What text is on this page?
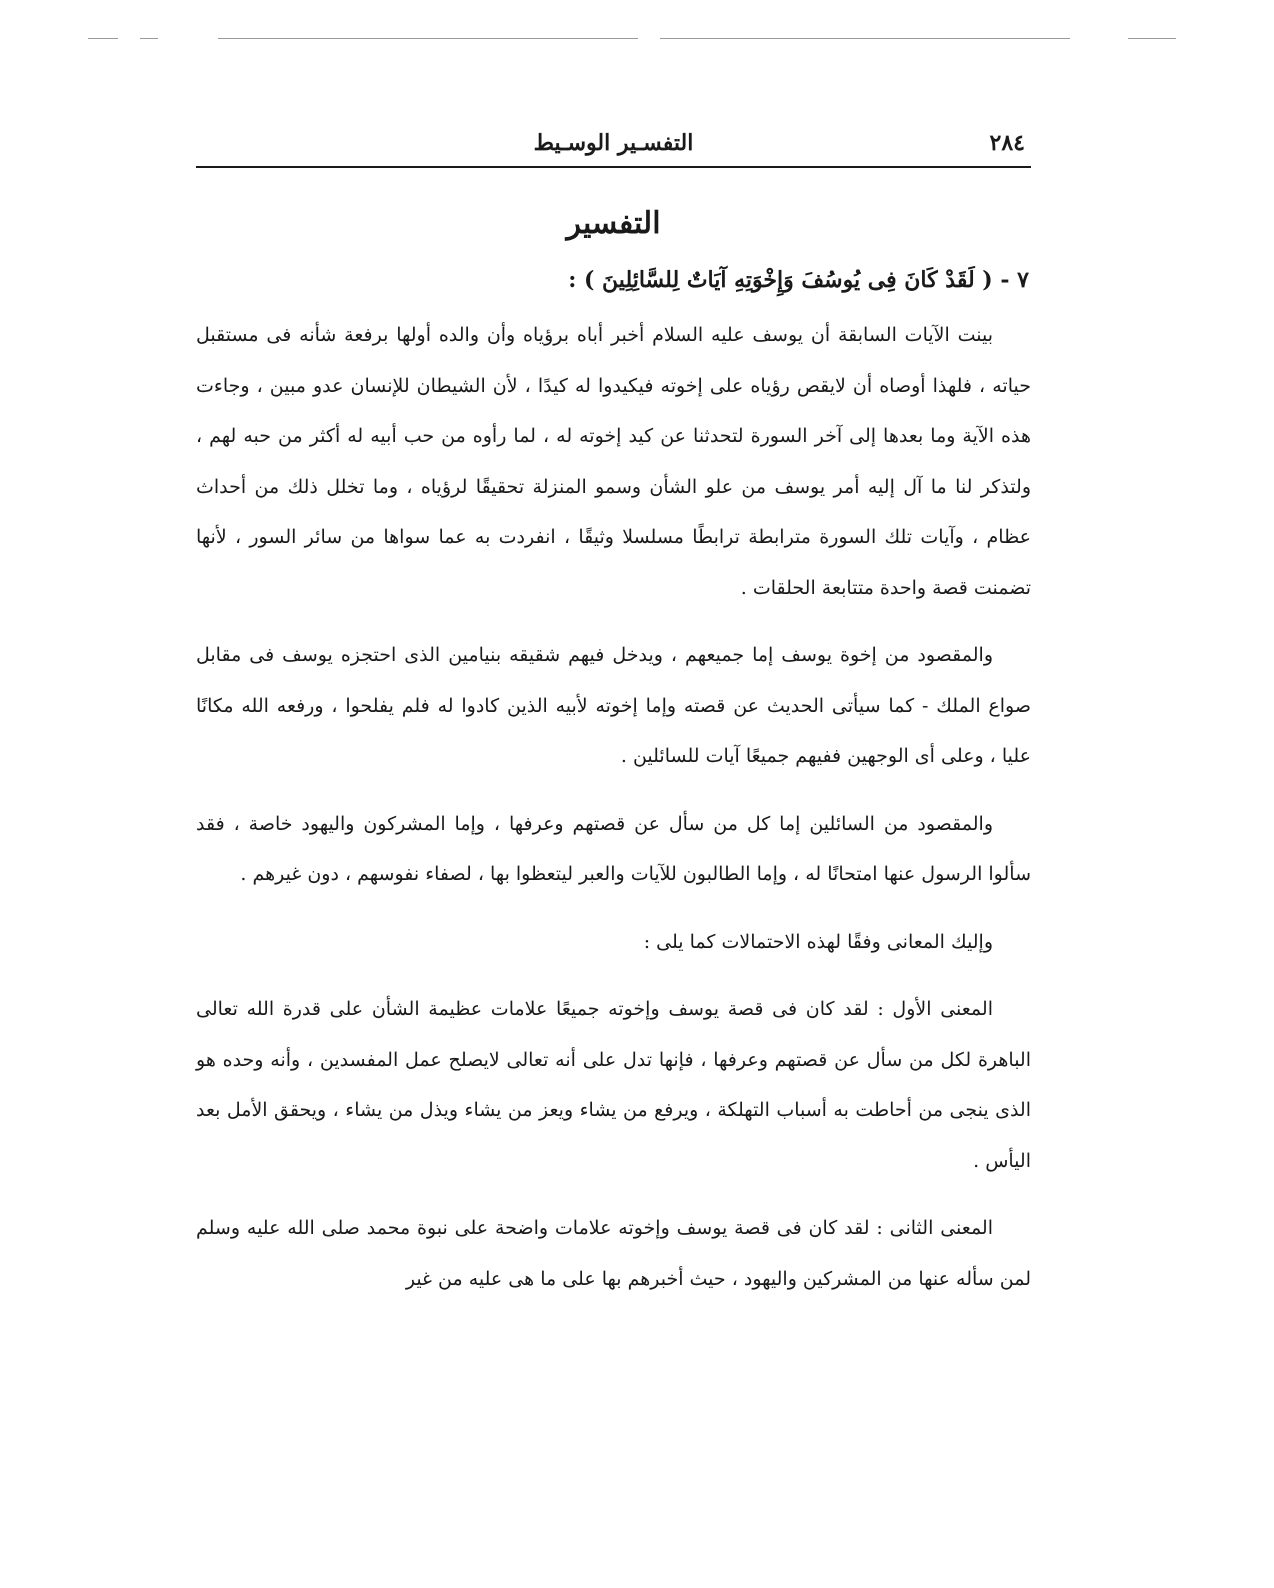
٢٨٤
التفسـير الوسـيط
التفسير
٧ - ( لَقَدْ كَانَ فِى يُوسُفَ وَإِخْوَتِهِ آيَاتٌ لِلسَّائِلِينَ ) :

بينت الآيات السابقة أن يوسف عليه السلام أخبر أباه برؤياه وأن والده أولها برفعة شأنه فى مستقبل حياته ، فلهذا أوصاه أن لايقص رؤياه على إخوته فيكيدوا له كيدًا ، لأن الشيطان للإنسان عدو مبين ، وجاءت هذه الآية وما بعدها إلى آخر السورة لتحدثنا عن كيد إخوته له ، لما رأوه من حب أبيه له أكثر من حبه لهم ، ولتذكر لنا ما آل إليه أمر يوسف من علو الشأن وسمو المنزلة تحقيقًا لرؤياه ، وما تخلل ذلك من أحداث عظام ، وآيات تلك السورة مترابطة ترابطًا مسلسلا وثيقًا ، انفردت به عما سواها من سائر السور ، لأنها تضمنت قصة واحدة متتابعة الحلقات .

والمقصود من إخوة يوسف إما جميعهم ، ويدخل فيهم شقيقه بنيامين الذى احتجزه يوسف فى مقابل صواع الملك - كما سيأتى الحديث عن قصته وإما إخوته لأبيه الذين كادوا له فلم يفلحوا ، ورفعه الله مكانًا عليا ، وعلى أى الوجهين ففيهم جميعًا آيات للسائلين .

والمقصود من السائلين إما كل من سأل عن قصتهم وعرفها ، وإما المشركون واليهود خاصة ، فقد سألوا الرسول عنها امتحانًا له ، وإما الطالبون للآيات والعبر ليتعظوا بها ، لصفاء نفوسهم ، دون غيرهم .

وإليك المعانى وفقًا لهذه الاحتمالات كما يلى :

المعنى الأول : لقد كان فى قصة يوسف وإخوته جميعًا علامات عظيمة الشأن على قدرة الله تعالى الباهرة لكل من سأل عن قصتهم وعرفها ، فإنها تدل على أنه تعالى لايصلح عمل المفسدين ، وأنه وحده هو الذى ينجى من أحاطت به أسباب التهلكة ، ويرفع من يشاء ويعز من يشاء ويذل من يشاء ، ويحقق الأمل بعد اليأس .

المعنى الثانى : لقد كان فى قصة يوسف وإخوته علامات واضحة على نبوة محمد صلى الله عليه وسلم لمن سأله عنها من المشركين واليهود ، حيث أخبرهم بها على ما هى عليه من غير
